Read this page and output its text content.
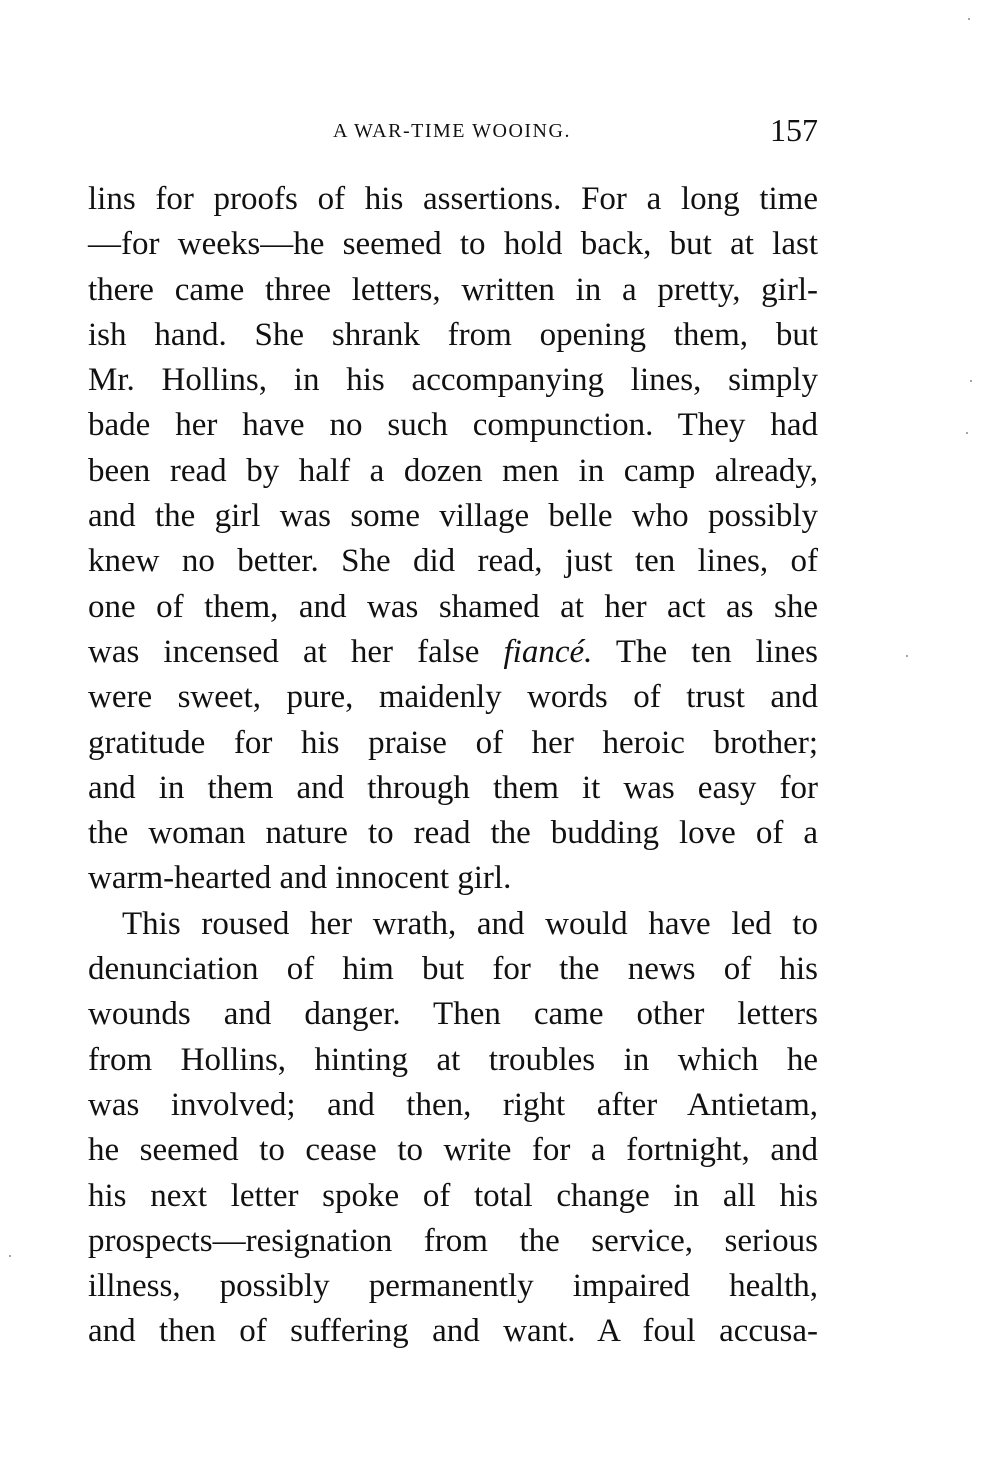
A WAR-TIME WOOING.	157
lins for proofs of his assertions. For a long time
—for weeks—he seemed to hold back, but at last
there came three letters, written in a pretty, girl-
ish hand. She shrank from opening them, but
Mr. Hollins, in his accompanying lines, simply
bade her have no such compunction. They had
been read by half a dozen men in camp already,
and the girl was some village belle who possibly
knew no better. She did read, just ten lines, of
one of them, and was shamed at her act as she
was incensed at her false fiancé. The ten lines
were sweet, pure, maidenly words of trust and
gratitude for his praise of her heroic brother;
and in them and through them it was easy for
the woman nature to read the budding love of a
warm-hearted and innocent girl.
This roused her wrath, and would have led to
denunciation of him but for the news of his
wounds and danger. Then came other letters
from Hollins, hinting at troubles in which he
was involved; and then, right after Antietam,
he seemed to cease to write for a fortnight, and
his next letter spoke of total change in all his
prospects—resignation from the service, serious
illness, possibly permanently impaired health,
and then of suffering and want. A foul accusa-
